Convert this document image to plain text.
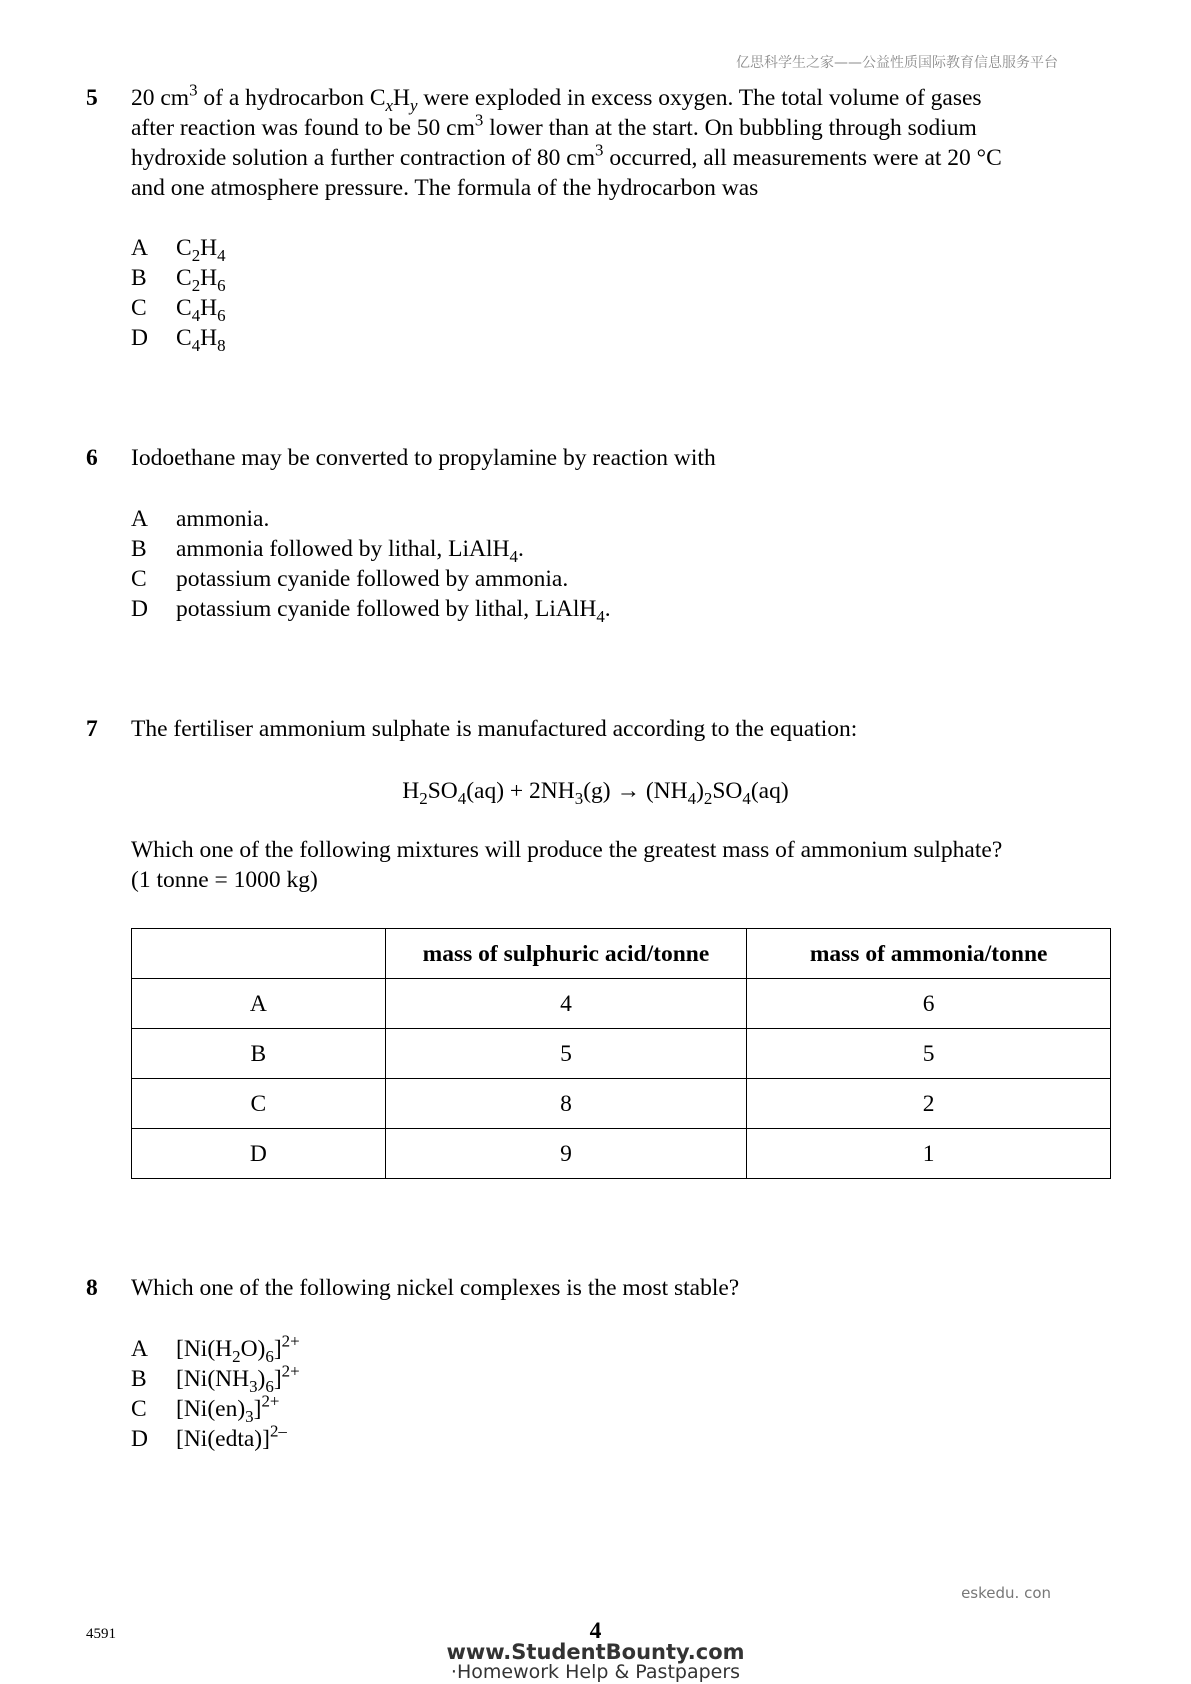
亿思科学生之家——公益性质国际教育信息服务平台
5 20 $cm^3$ of a hydrocarbon $C_xH_y$ were exploded in excess oxygen. The total volume of gases
after reaction was found to be 50 $cm^3$ lower than at the start. On bubbling through sodium
hydroxide solution a further contraction of 80 $cm^3$ occurred, all measurements were at 20 °C
and one atmosphere pressure. The formula of the hydrocarbon was
A	$C_2H_4$
B	$C_2H_6$
C	$C_4H_6$
D	$C_4H_8$
6 Iodoethane may be converted to propylamine by reaction with
A	ammonia.
B	ammonia followed by lithal, LiAlH$_4$.
C	potassium cyanide followed by ammonia.
D	potassium cyanide followed by lithal, LiAlH$_4$.
7 The fertiliser ammonium sulphate is manufactured according to the equation:
$H_2SO_4(aq) + 2NH_3(g) \to (NH_4)_2SO_4(aq)$
Which one of the following mixtures will produce the greatest mass of ammonium sulphate?
(1 tonne = 1000 kg)
	mass of sulphuric acid/tonne	mass of ammonia/tonne
A	4	6
B	5	5
C	8	2
D	9	1
8 Which one of the following nickel complexes is the most stable?
A	$[Ni(H_2O)_6]^{2+}$
B	$[Ni(NH_3)_6]^{2+}$
C	$[Ni(en)_3]^{2+}$
D	[Ni(edta)]$^{2-}$
eskedu. con
4591	4
www.StudentBounty.com
·Homework Help & Pastpapers
